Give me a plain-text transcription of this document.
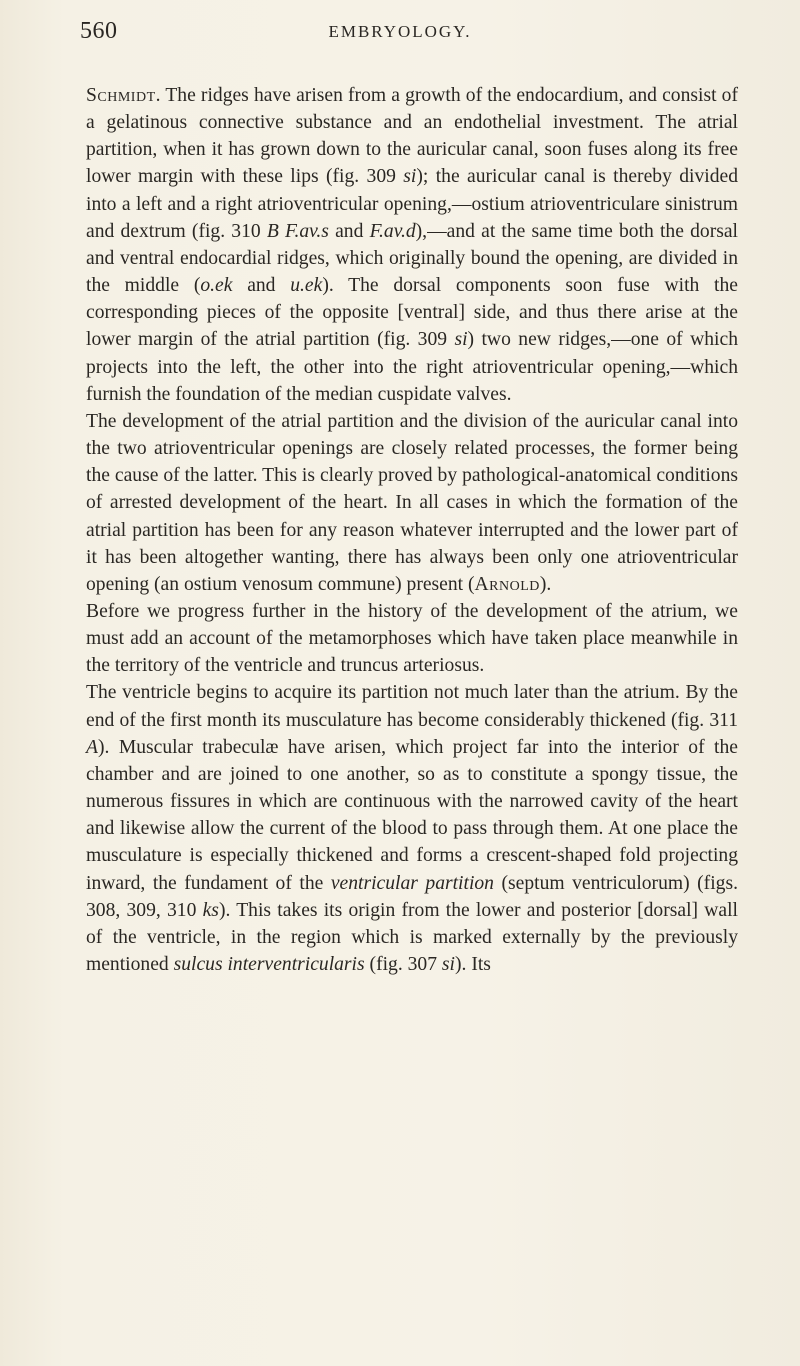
560	EMBRYOLOGY.

Schmidt. The ridges have arisen from a growth of the endocardium, and consist of a gelatinous connective substance and an endothelial investment. The atrial partition, when it has grown down to the auricular canal, soon fuses along its free lower margin with these lips (fig. 309 si); the auricular canal is thereby divided into a left and a right atrioventricular opening,—ostium atrioventriculare sinistrum and dextrum (fig. 310 B F.av.s and F.av.d),—and at the same time both the dorsal and ventral endocardial ridges, which originally bound the opening, are divided in the middle (o.ek and u.ek). The dorsal components soon fuse with the corresponding pieces of the opposite [ventral] side, and thus there arise at the lower margin of the atrial partition (fig. 309 si) two new ridges,—one of which projects into the left, the other into the right atrioventricular opening,—which furnish the foundation of the median cuspidate valves.

The development of the atrial partition and the division of the auricular canal into the two atrioventricular openings are closely related processes, the former being the cause of the latter. This is clearly proved by pathological-anatomical conditions of arrested development of the heart. In all cases in which the formation of the atrial partition has been for any reason whatever interrupted and the lower part of it has been altogether wanting, there has always been only one atrioventricular opening (an ostium venosum commune) present (Arnold).

Before we progress further in the history of the development of the atrium, we must add an account of the metamorphoses which have taken place meanwhile in the territory of the ventricle and truncus arteriosus.

The ventricle begins to acquire its partition not much later than the atrium. By the end of the first month its musculature has become considerably thickened (fig. 311 A). Muscular trabeculæ have arisen, which project far into the interior of the chamber and are joined to one another, so as to constitute a spongy tissue, the numerous fissures in which are continuous with the narrowed cavity of the heart and likewise allow the current of the blood to pass through them. At one place the musculature is especially thickened and forms a crescent-shaped fold projecting inward, the fundament of the ventricular partition (septum ventriculorum) (figs. 308, 309, 310 ks). This takes its origin from the lower and posterior [dorsal] wall of the ventricle, in the region which is marked externally by the previously mentioned sulcus interventricularis (fig. 307 si). Its
